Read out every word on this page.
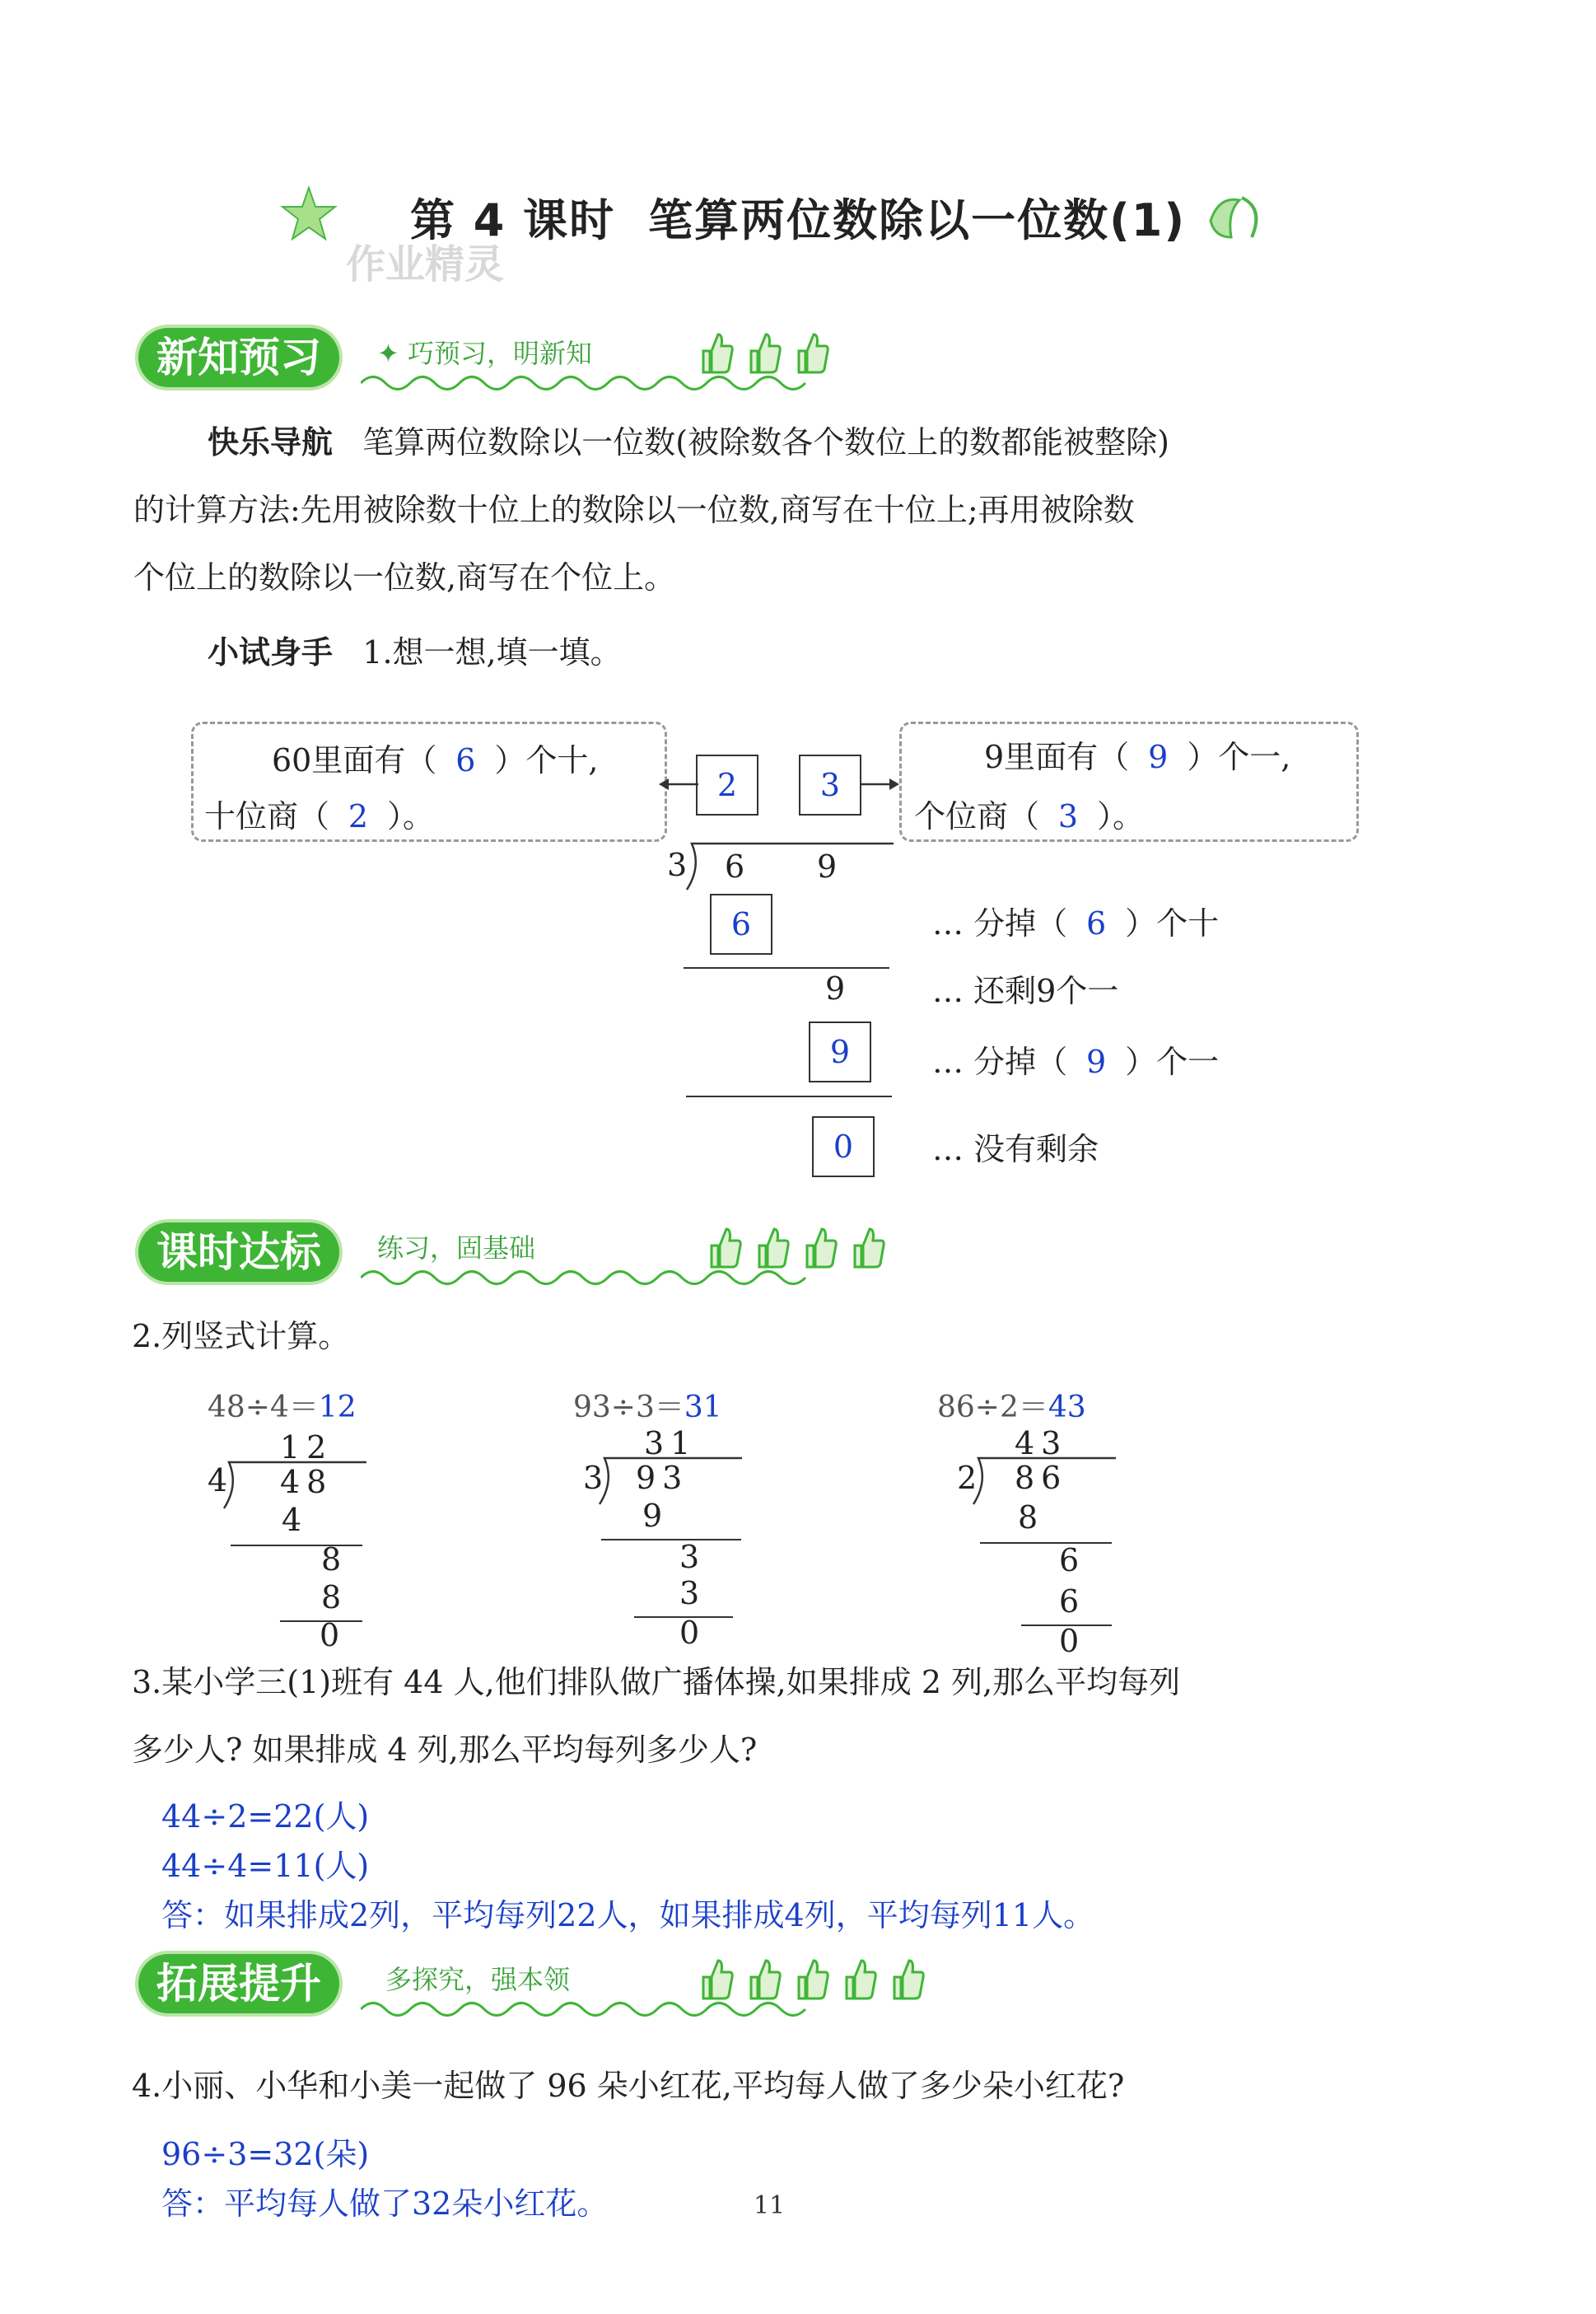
第 4 课时 笔算两位数除以一位数(1)
作业精灵
新知预习	✦ 巧预习，明新知
快乐导航 笔算两位数除以一位数(被除数各个数位上的数都能被整除)
的计算方法:先用被除数十位上的数除以一位数,商写在十位上;再用被除数
个位上的数除以一位数,商写在个位上。
小试身手 1.想一想,填一填。
60里面有（ 6 ）个十,
十位商（ 2 ）。
9里面有（ 9 ）个一,
个位商（ 3 ）。
2	3
3 6 9
6
9
9
0
… 分掉（ 6 ）个十
… 还剩9个一
… 分掉（ 9 ）个一
… 没有剩余
课时达标	练习，固基础
2.列竖式计算。
48÷4＝12
12
4 48
4
8
8
0
93÷3＝31
31
3 93
9
3
3
0
86÷2＝43
43
2 86
8
6
6
0
3.某小学三(1)班有 44 人,他们排队做广播体操,如果排成 2 列,那么平均每列
多少人? 如果排成 4 列,那么平均每列多少人?
44÷2=22(人)
44÷4=11(人)
答：如果排成2列，平均每列22人，如果排成4列，平均每列11人。
拓展提升	多探究，强本领
4.小丽、小华和小美一起做了 96 朵小红花,平均每人做了多少朵小红花?
96÷3=32(朵)
答：平均每人做了32朵小红花。	11
